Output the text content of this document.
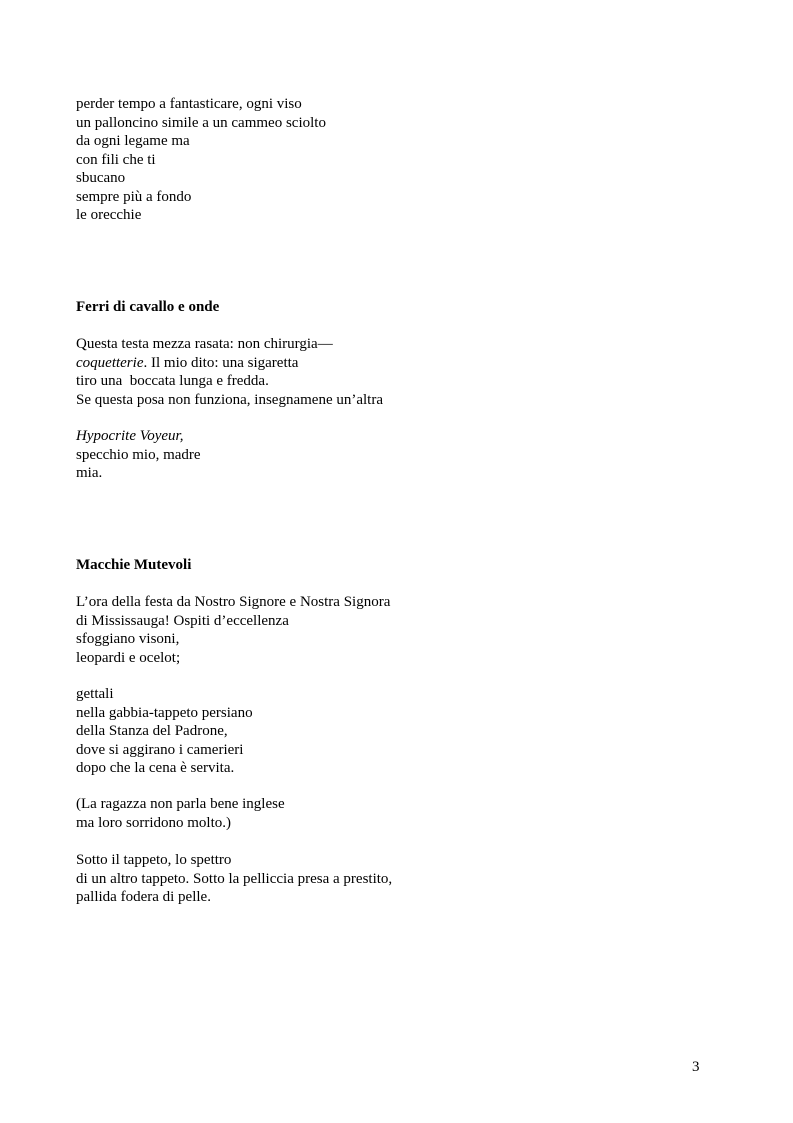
perder tempo a fantasticare, ogni viso
un palloncino simile a un cammeo sciolto
da ogni legame ma
con fili che ti
sbucano
sempre più a fondo
le orecchie
Ferri di cavallo e onde
Questa testa mezza rasata: non chirurgia—
coquetterie. Il mio dito: una sigaretta
tiro una  boccata lunga e fredda.
Se questa posa non funziona, insegnamene un’altra
Hypocrite Voyeur,
specchio mio, madre
mia.
Macchie Mutevoli
L’ora della festa da Nostro Signore e Nostra Signora
di Mississauga! Ospiti d’eccellenza
sfoggiano visoni,
leopardi e ocelot;
gettali
nella gabbia-tappeto persiano
della Stanza del Padrone,
dove si aggirano i camerieri
dopo che la cena è servita.
(La ragazza non parla bene inglese
ma loro sorridono molto.)
Sotto il tappeto, lo spettro
di un altro tappeto. Sotto la pelliccia presa a prestito,
pallida fodera di pelle.
3
